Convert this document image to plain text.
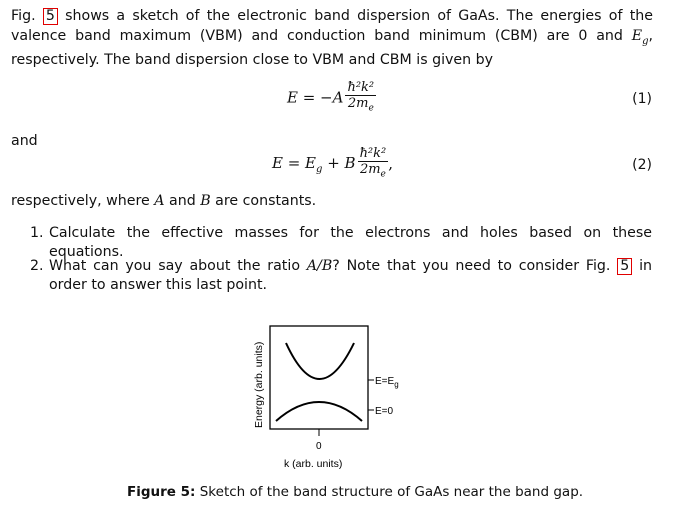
Fig. 5 shows a sketch of the electronic band dispersion of GaAs. The energies of the valence band maximum (VBM) and conduction band minimum (CBM) are 0 and $E_g$, respectively. The band dispersion close to VBM and CBM is given by
$E = -A \frac{\text{ħ²k²}}{2m_e}$	(1)
and
$E = E_g + B \frac{\text{ħ²k²}}{2m_e}$ ,	(2)
respectively, where A and B are constants.
1. Calculate the effective masses for the electrons and holes based on these equations.
2. What can you say about the ratio A/B? Note that you need to consider Fig. 5 in order to answer this last point.
$E=E_g$
E=0
0
k (arb. units)
Energy (arb. units)
Figure 5: Sketch of the band structure of GaAs near the band gap.
